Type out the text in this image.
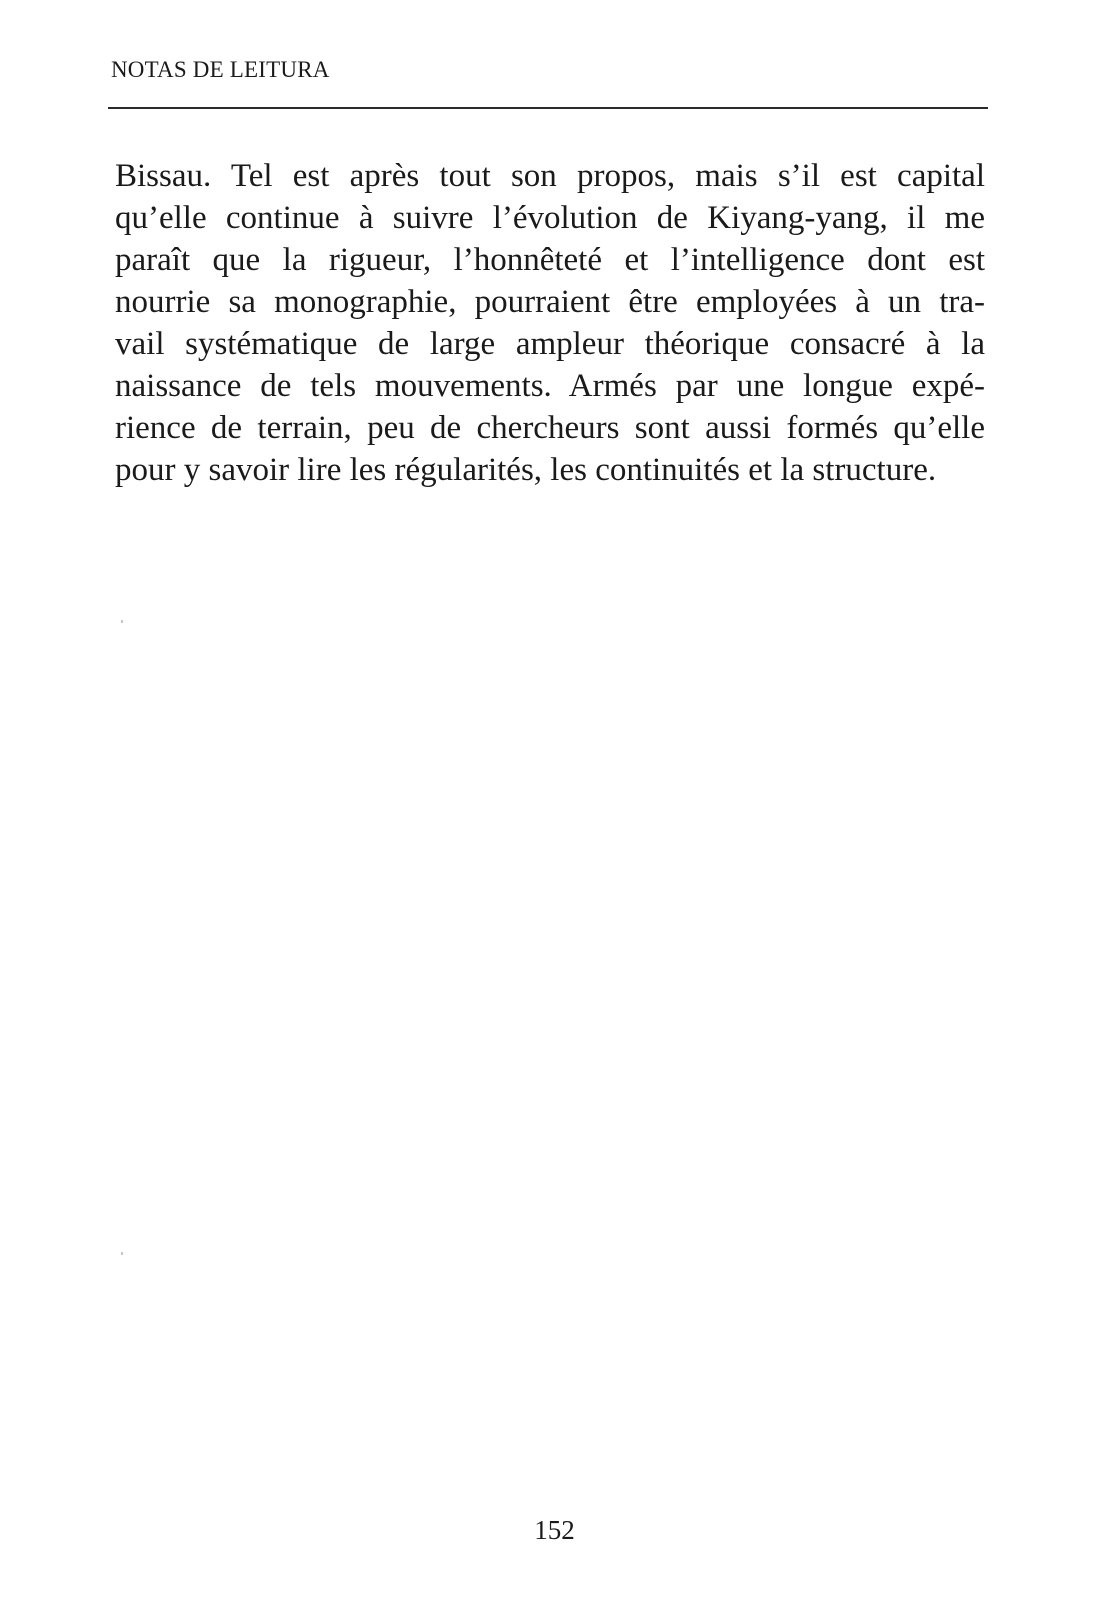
NOTAS DE LEITURA
Bissau. Tel est après tout son propos, mais s’il est capital
qu’elle continue à suivre l’évolution de Kiyang-yang, il me
paraît que la rigueur, l’honnêteté et l’intelligence dont est
nourrie sa monographie, pourraient être employées à un tra-
vail systématique de large ampleur théorique consacré à la
naissance de tels mouvements. Armés par une longue expé-
rience de terrain, peu de chercheurs sont aussi formés qu’elle
pour y savoir lire les régularités, les continuités et la structure.
152
